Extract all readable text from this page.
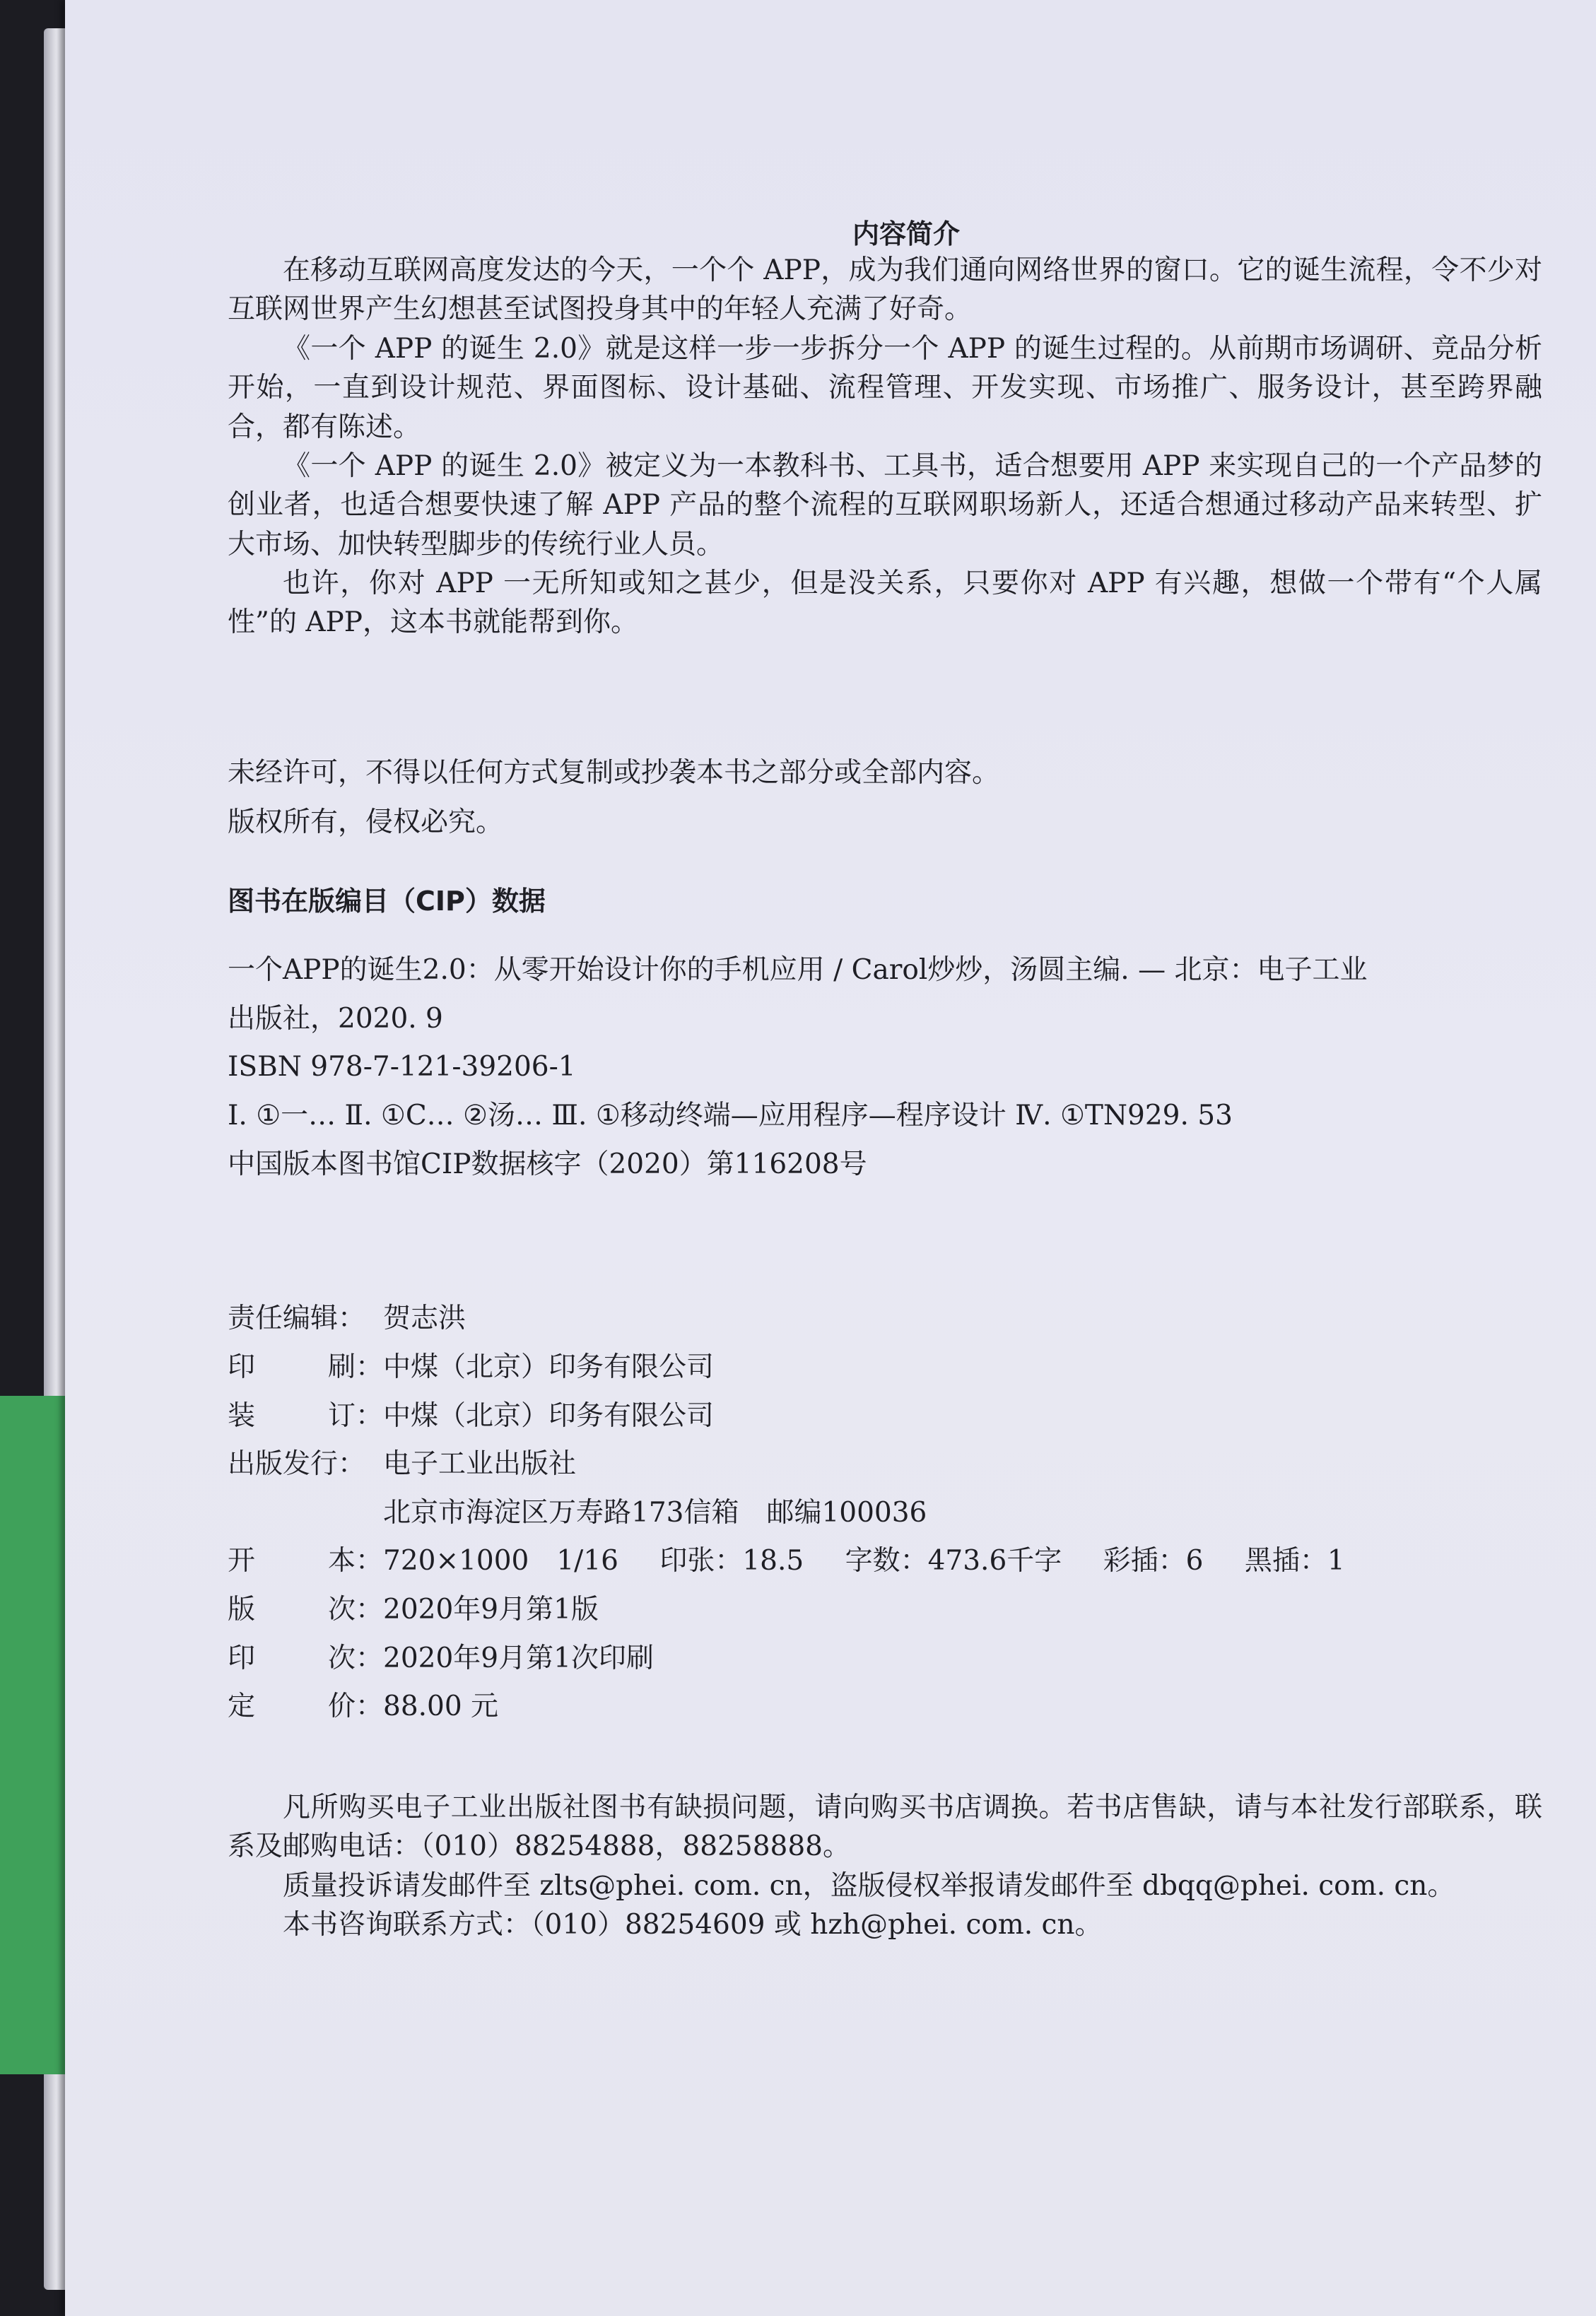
内容简介

在移动互联网高度发达的今天，一个个 APP，成为我们通向网络世界的窗口。它的诞生流程，令不少对互联网世界产生幻想甚至试图投身其中的年轻人充满了好奇。

《一个 APP 的诞生 2.0》就是这样一步一步拆分一个 APP 的诞生过程的。从前期市场调研、竞品分析开始，一直到设计规范、界面图标、设计基础、流程管理、开发实现、市场推广、服务设计，甚至跨界融合，都有陈述。

《一个 APP 的诞生 2.0》被定义为一本教科书、工具书，适合想要用 APP 来实现自己的一个产品梦的创业者，也适合想要快速了解 APP 产品的整个流程的互联网职场新人，还适合想通过移动产品来转型、扩大市场、加快转型脚步的传统行业人员。

也许，你对 APP 一无所知或知之甚少，但是没关系，只要你对 APP 有兴趣，想做一个带有“个人属性”的 APP，这本书就能帮到你。

未经许可，不得以任何方式复制或抄袭本书之部分或全部内容。
版权所有，侵权必究。
图书在版编目（CIP）数据
一个APP的诞生2.0：从零开始设计你的手机应用 / Carol炒炒，汤圆主编. — 北京：电子工业
出版社，2020. 9
ISBN 978-7-121-39206-1
Ⅰ. ①一… Ⅱ. ①C… ②汤… Ⅲ. ①移动终端—应用程序—程序设计 Ⅳ. ①TN929. 53
中国版本图书馆CIP数据核字（2020）第116208号
责任编辑： 贺志洪
印	刷： 中煤（北京）印务有限公司
装	订： 中煤（北京）印务有限公司
出版发行： 电子工业出版社
北京市海淀区万寿路173信箱　邮编100036
开	本： 720×1000　1/16 印张：18.5 字数：473.6千字 彩插：6 黑插：1
版	次： 2020年9月第1版
印	次： 2020年9月第1次印刷
定	价： 88.00 元

凡所购买电子工业出版社图书有缺损问题，请向购买书店调换。若书店售缺，请与本社发行部联系，联系及邮购电话：（010）88254888，88258888。

质量投诉请发邮件至 zlts@phei. com. cn，盗版侵权举报请发邮件至 dbqq@phei. com. cn。

本书咨询联系方式：（010）88254609 或 hzh@phei. com. cn。
